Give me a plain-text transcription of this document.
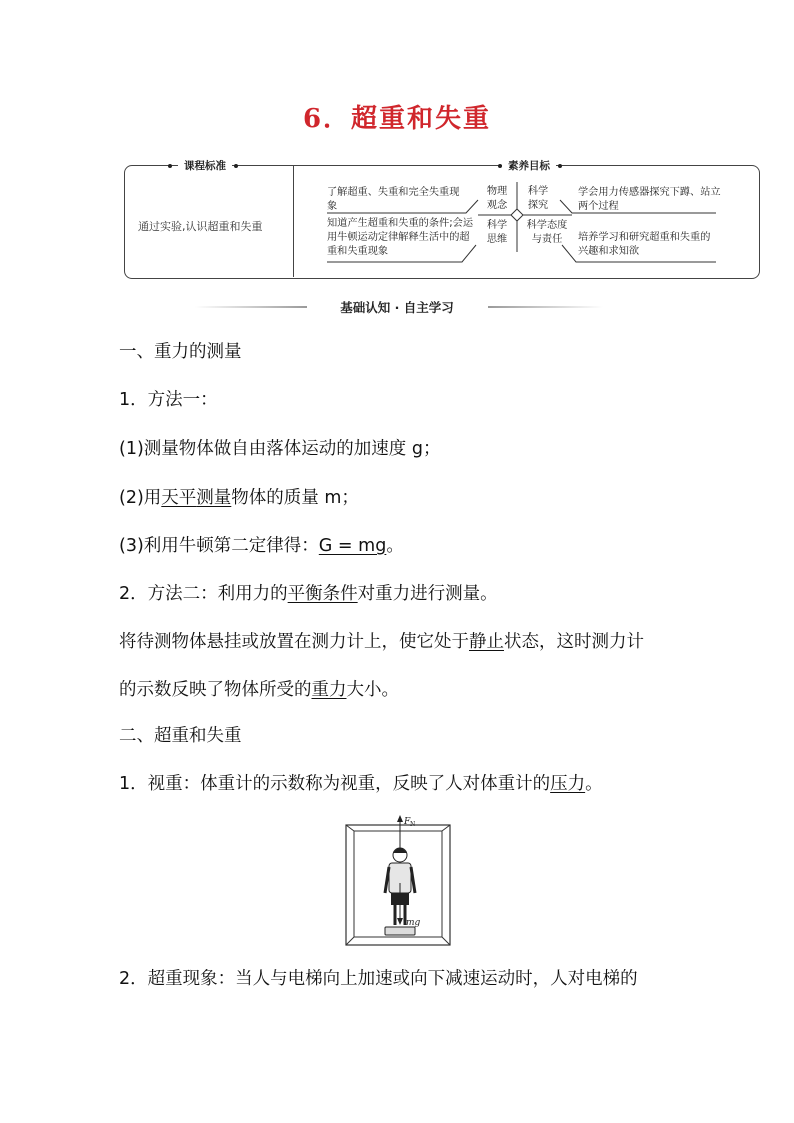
6．超重和失重
课程标准	素养目标
通过实验,认识超重和失重
了解超重、失重和完全失重现象
知道产生超重和失重的条件;会运用牛顿运动定律解释生活中的超重和失重现象
学会用力传感器探究下蹲、站立两个过程
培养学习和研究超重和失重的兴趣和求知欲
物理观念
科学探究
科学思维
科学态度与责任
基础认知 · 自主学习
一、重力的测量
1．方法一：
(1)测量物体做自由落体运动的加速度 g；
(2)用天平测量物体的质量 m；
(3)利用牛顿第二定律得：G = mg。
2．方法二：利用力的平衡条件对重力进行测量。
将待测物体悬挂或放置在测力计上，使它处于静止状态，这时测力计
的示数反映了物体所受的重力大小。
二、超重和失重
1．视重：体重计的示数称为视重，反映了人对体重计的压力。
F N
mg
2．超重现象：当人与电梯向上加速或向下减速运动时，人对电梯的
